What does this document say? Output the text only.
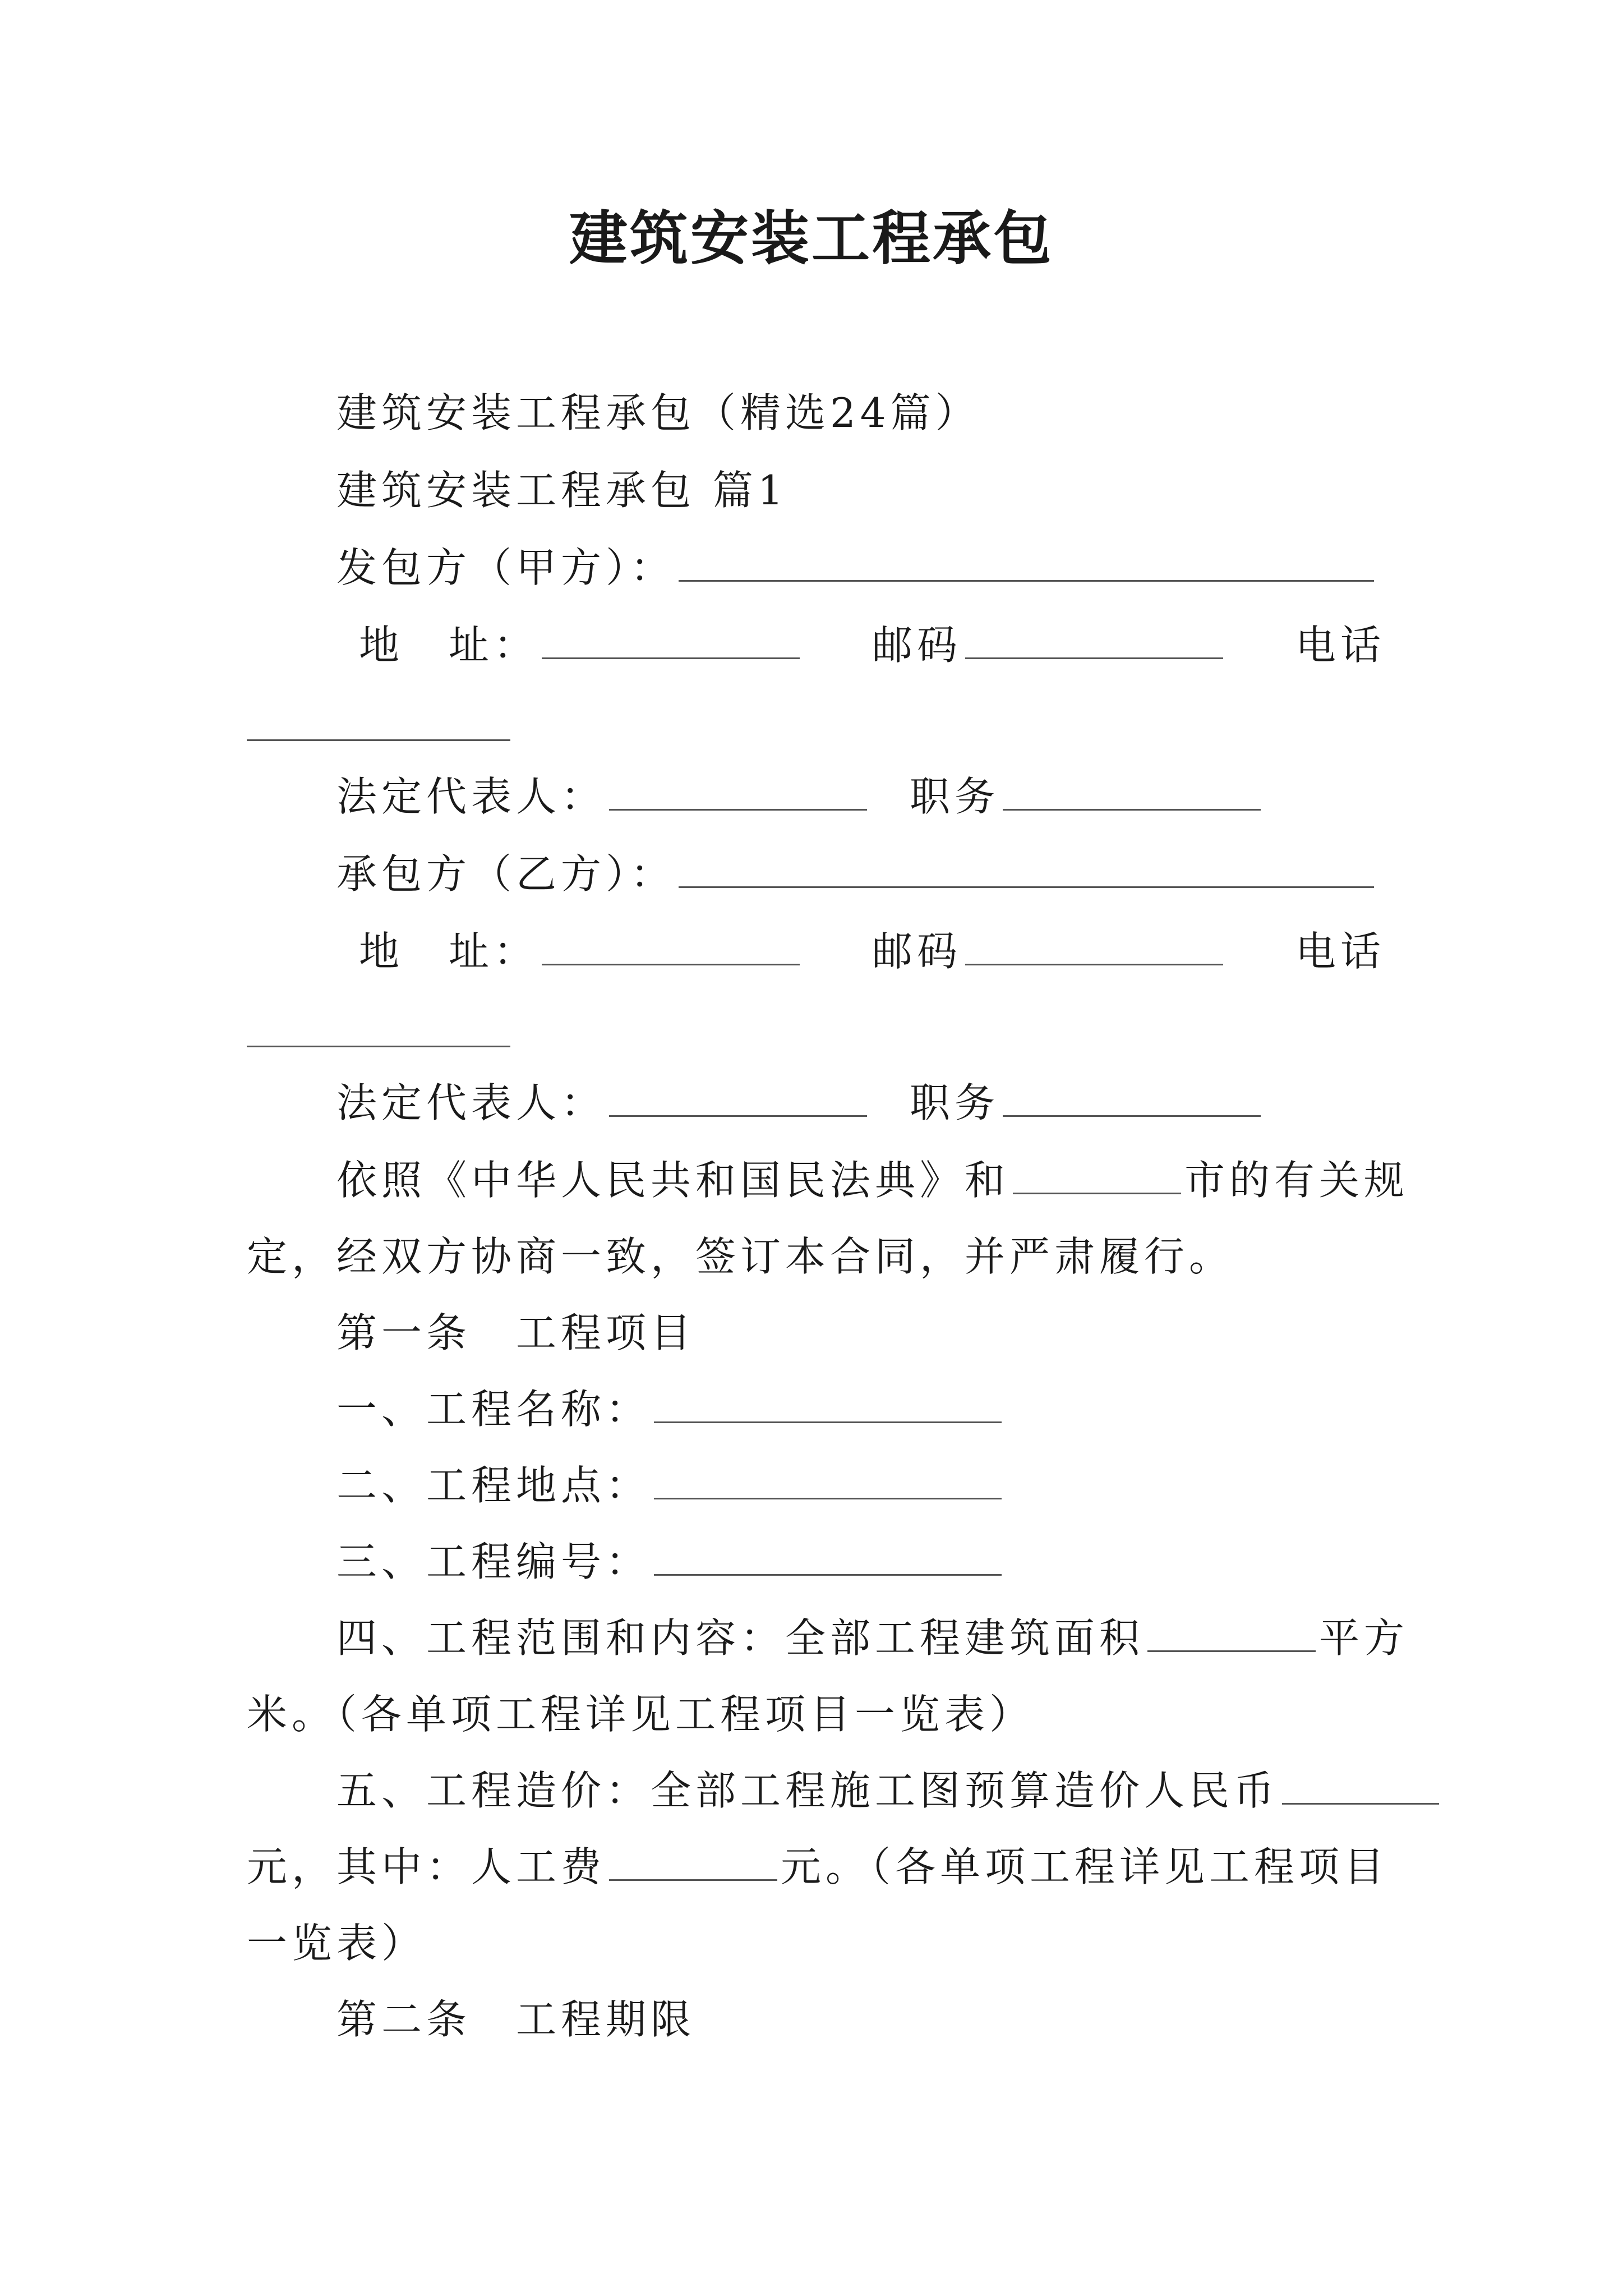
建筑安装工程承包
建筑安装工程承包（精选24篇）
建筑安装工程承包 篇1
发包方（甲方）：
地　址：	邮码	电话
法定代表人：	职务
承包方（乙方）：
地　址：	邮码	电话
法定代表人：	职务
依照《中华人民共和国民法典》和	市的有关规
定，经双方协商一致，签订本合同，并严肃履行。
第一条　工程项目
一、工程名称：
二、工程地点：
三、工程编号：
四、工程范围和内容：全部工程建筑面积	平方
米。（各单项工程详见工程项目一览表）
五、工程造价：全部工程施工图预算造价人民币
元，其中：人工费	元。（各单项工程详见工程项目
一览表）
第二条　工程期限
